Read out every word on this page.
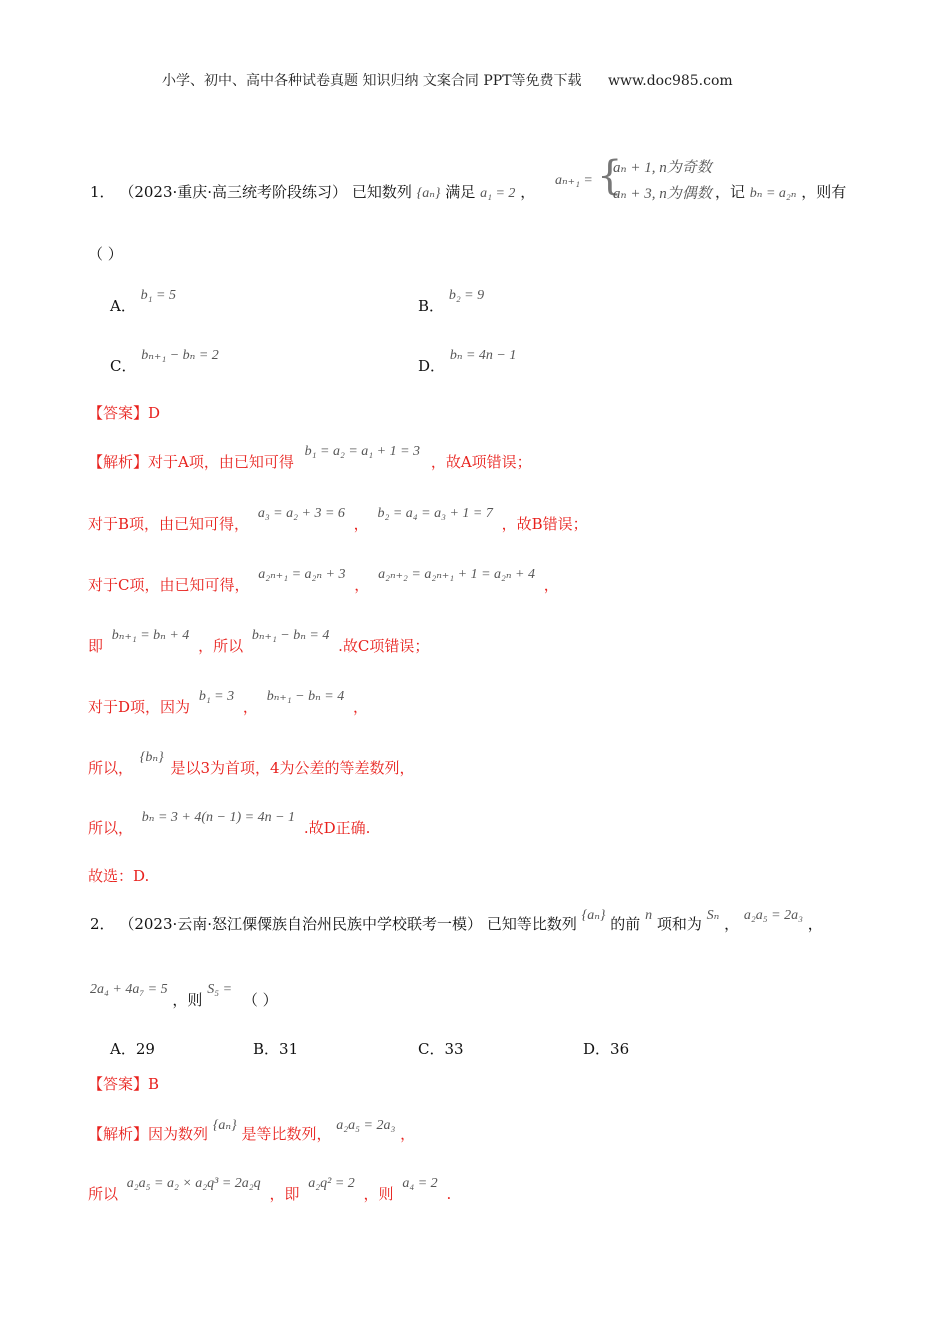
小学、初中、高中各种试卷真题 知识归纳 文案合同 PPT等免费下载 www.doc985.com
1． （2023·重庆·高三统考阶段练习） 已知数列 {aₙ} 满足 a₁ = 2 ，
aₙ₊₁ = {
aₙ + 1, n为奇数
aₙ + 3, n为偶数 ，记 bₙ = a₂ₙ ，则有
（ ）
A． b₁ = 5
B． b₂ = 9
C． bₙ₊₁ − bₙ = 2
D． bₙ = 4n − 1
【答案】D
【解析】对于A项，由已知可得 b₁ = a₂ = a₁ + 1 = 3 ，故A项错误；
对于B项，由已知可得， a₃ = a₂ + 3 = 6 ， b₂ = a₄ = a₃ + 1 = 7 ，故B错误；
对于C项，由已知可得， a₂ₙ₊₁ = a₂ₙ + 3 ， a₂ₙ₊₂ = a₂ₙ₊₁ + 1 = a₂ₙ + 4 ，
即 bₙ₊₁ = bₙ + 4 ，所以 bₙ₊₁ − bₙ = 4 .故C项错误；
对于D项，因为 b₁ = 3 ， bₙ₊₁ − bₙ = 4 ，
所以， {bₙ} 是以3为首项，4为公差的等差数列，
所以， bₙ = 3 + 4(n − 1) = 4n − 1 .故D正确.
故选：D.
2． （2023·云南·怒江傈僳族自治州民族中学校联考一模） 已知等比数列 {aₙ} 的前 n 项和为 Sₙ ， a₂a₅ = 2a₃ ，
2a₄ + 4a₇ = 5 ，则 S₅ = （ ）
A．29	B．31	C．33	D．36
【答案】B
【解析】因为数列 {aₙ} 是等比数列， a₂a₅ = 2a₃ ，
所以 a₂a₅ = a₂ × a₂q³ = 2a₂q ，即 a₂q² = 2 ，则 a₄ = 2 .
